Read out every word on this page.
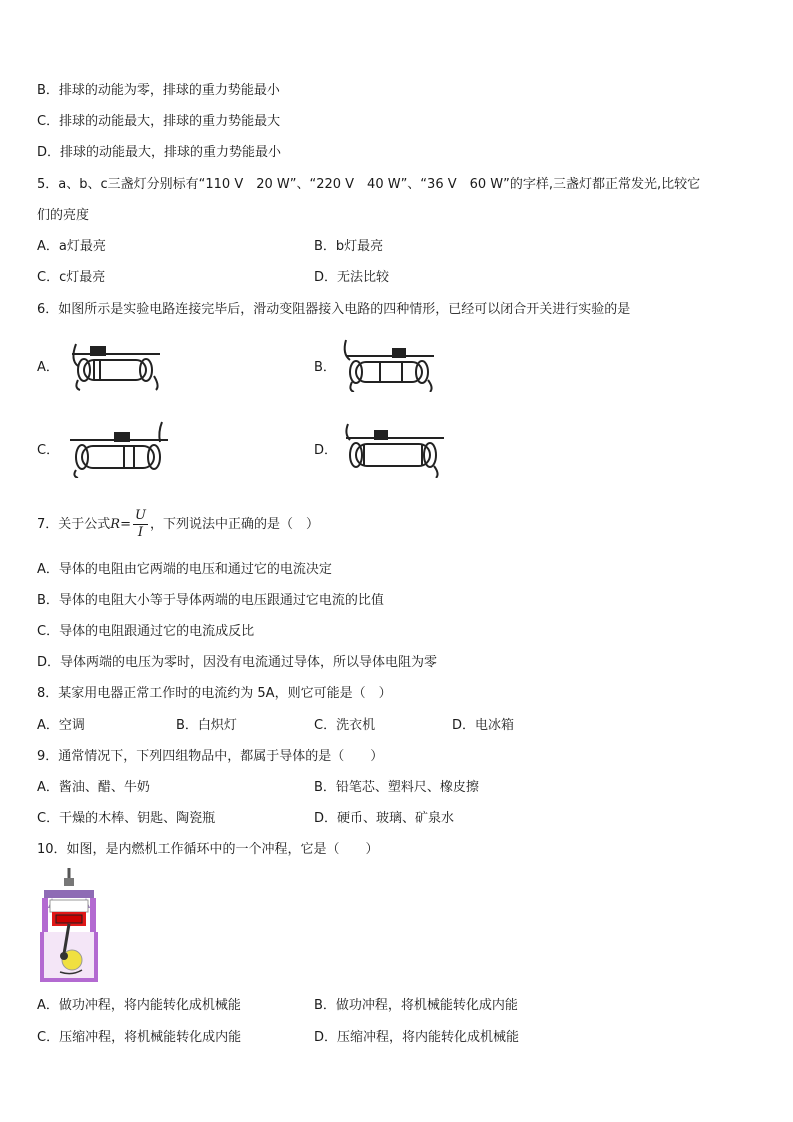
B．排球的动能为零，排球的重力势能最小
C．排球的动能最大，排球的重力势能最大
D．排球的动能最大，排球的重力势能最小
5．a、b、c三盏灯分别标有“110 V　20 W”、“220 V　40 W”、“36 V　60 W”的字样,三盏灯都正常发光,比较它
们的亮度
A．a灯最亮	B．b灯最亮
C．c灯最亮	D．无法比较
6．如图所示是实验电路连接完毕后，滑动变阻器接入电路的四种情形，已经可以闭合开关进行实验的是
A．	B．
C．	D．
7．关于公式$R= \frac{U}{I}$ ，下列说法中正确的是（　）
A．导体的电阻由它两端的电压和通过它的电流决定
B．导体的电阻大小等于导体两端的电压跟通过它电流的比值
C．导体的电阻跟通过它的电流成反比
D．导体两端的电压为零时，因没有电流通过导体，所以导体电阻为零
8．某家用电器正常工作时的电流约为 5A，则它可能是（　）
A．空调	B．白炽灯	C．洗衣机	D．电冰箱
9．通常情况下，下列四组物品中，都属于导体的是（　　）
A．酱油、醋、牛奶	B．铅笔芯、塑料尺、橡皮擦
C．干燥的木棒、钥匙、陶瓷瓶	D．硬币、玻璃、矿泉水
10．如图，是内燃机工作循环中的一个冲程，它是（　　）
A．做功冲程，将内能转化成机械能	B．做功冲程，将机械能转化成内能
C．压缩冲程，将机械能转化成内能	D．压缩冲程，将内能转化成机械能
